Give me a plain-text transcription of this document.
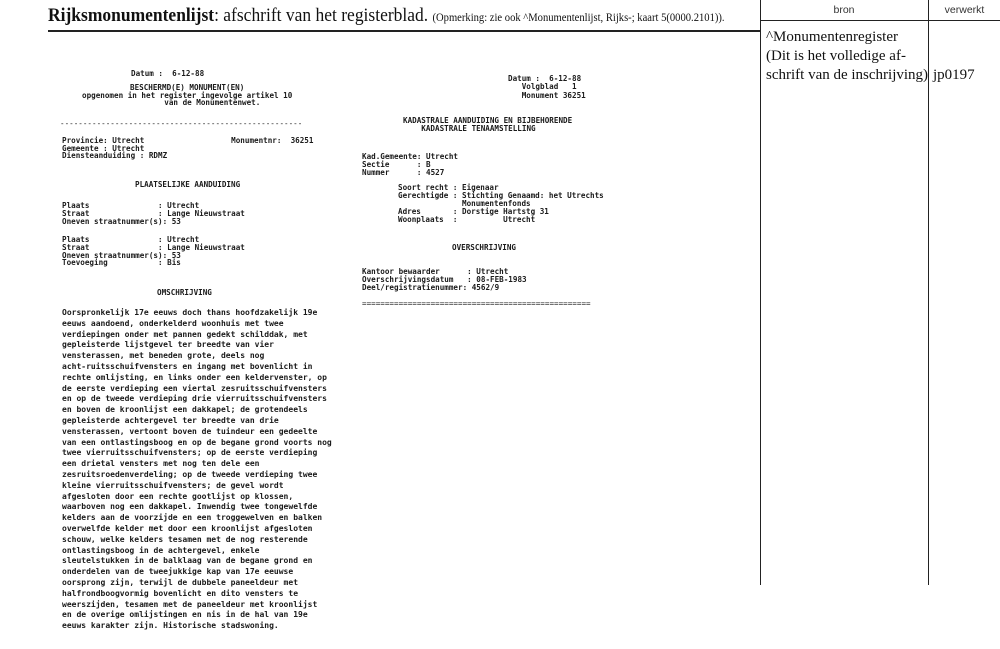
Rijksmonumentenlijst: afschrift van het registerblad. (Opmerking: zie ook ^Monumentenlijst, Rijks-; kaart 5(0000.2101)).
bron	verwerkt
^Monumentenregister
(Dit is het volledige af-
schrift van de inschrijving) jp0197
Datum :  6-12-88
BESCHERMD(E) MONUMENT(EN)
opgenomen in het register ingevolge artikel 10
van de Monumentenwet.
-----------------------------------------------------
Provincie: Utrecht                   Monumentnr:  36251
Gemeente : Utrecht
Diensteanduiding : RDMZ
PLAATSELIJKE AANDUIDING
Plaats               : Utrecht
Straat               : Lange Nieuwstraat
Oneven straatnummer(s): 53
Plaats               : Utrecht
Straat               : Lange Nieuwstraat
Oneven straatnummer(s): 53
Toevoeging           : Bis
OMSCHRIJVING
Oorspronkelijk 17e eeuws doch thans hoofdzakelijk 19e
eeuws aandoend, onderkelderd woonhuis met twee
verdiepingen onder met pannen gedekt schilddak, met
gepleisterde lijstgevel ter breedte van vier
vensterassen, met beneden grote, deels nog
acht-ruitsschuifvensters en ingang met bovenlicht in
rechte omlijsting, en links onder een keldervenster, op
de eerste verdieping een viertal zesruitsschuifvensters
en op de tweede verdieping drie vierruitsschuifvensters
en boven de kroonlijst een dakkapel; de grotendeels
gepleisterde achtergevel ter breedte van drie
vensterassen, vertoont boven de tuindeur een gedeelte
van een ontlastingsboog en op de begane grond voorts nog
twee vierruitsschuifvensters; op de eerste verdieping
een drietal vensters met nog ten dele een
zesruitsroedenverdeling; op de tweede verdieping twee
kleine vierruitsschuifvensters; de gevel wordt
afgesloten door een rechte gootlijst op klossen,
waarboven nog een dakkapel. Inwendig twee tongewelfde
kelders aan de voorzijde en een troggewelven en balken
overwelfde kelder met door een kroonlijst afgesloten
schouw, welke kelders tesamen met de nog resterende
ontlastingsboog in de achtergevel, enkele
sleutelstukken in de balklaag van de begane grond en
onderdelen van de tweejukkige kap van 17e eeuwse
oorsprong zijn, terwijl de dubbele paneeldeur met
halfrondboogvormig bovenlicht en dito vensters te
weerszijden, tesamen met de paneeldeur met kroonlijst
en de overige omlijstingen en nis in de hal van 19e
eeuws karakter zijn. Historische stadswoning.
Datum :  6-12-88
Volgblad   1
Monument 36251
KADASTRALE AANDUIDING EN BIJBEHORENDE
KADASTRALE TENAAMSTELLING
Kad.Gemeente: Utrecht
Sectie      : B
Nummer      : 4527
Soort recht : Eigenaar
Gerechtigde : Stichting Genaamd: het Utrechts
Monumentenfonds
Adres       : Dorstige Hartstg 31
Woonplaats  :          Utrecht
OVERSCHRIJVING
Kantoor bewaarder      : Utrecht
Overschrijvingsdatum   : 08-FEB-1983
Deel/registratienummer: 4562/9
==================================================
